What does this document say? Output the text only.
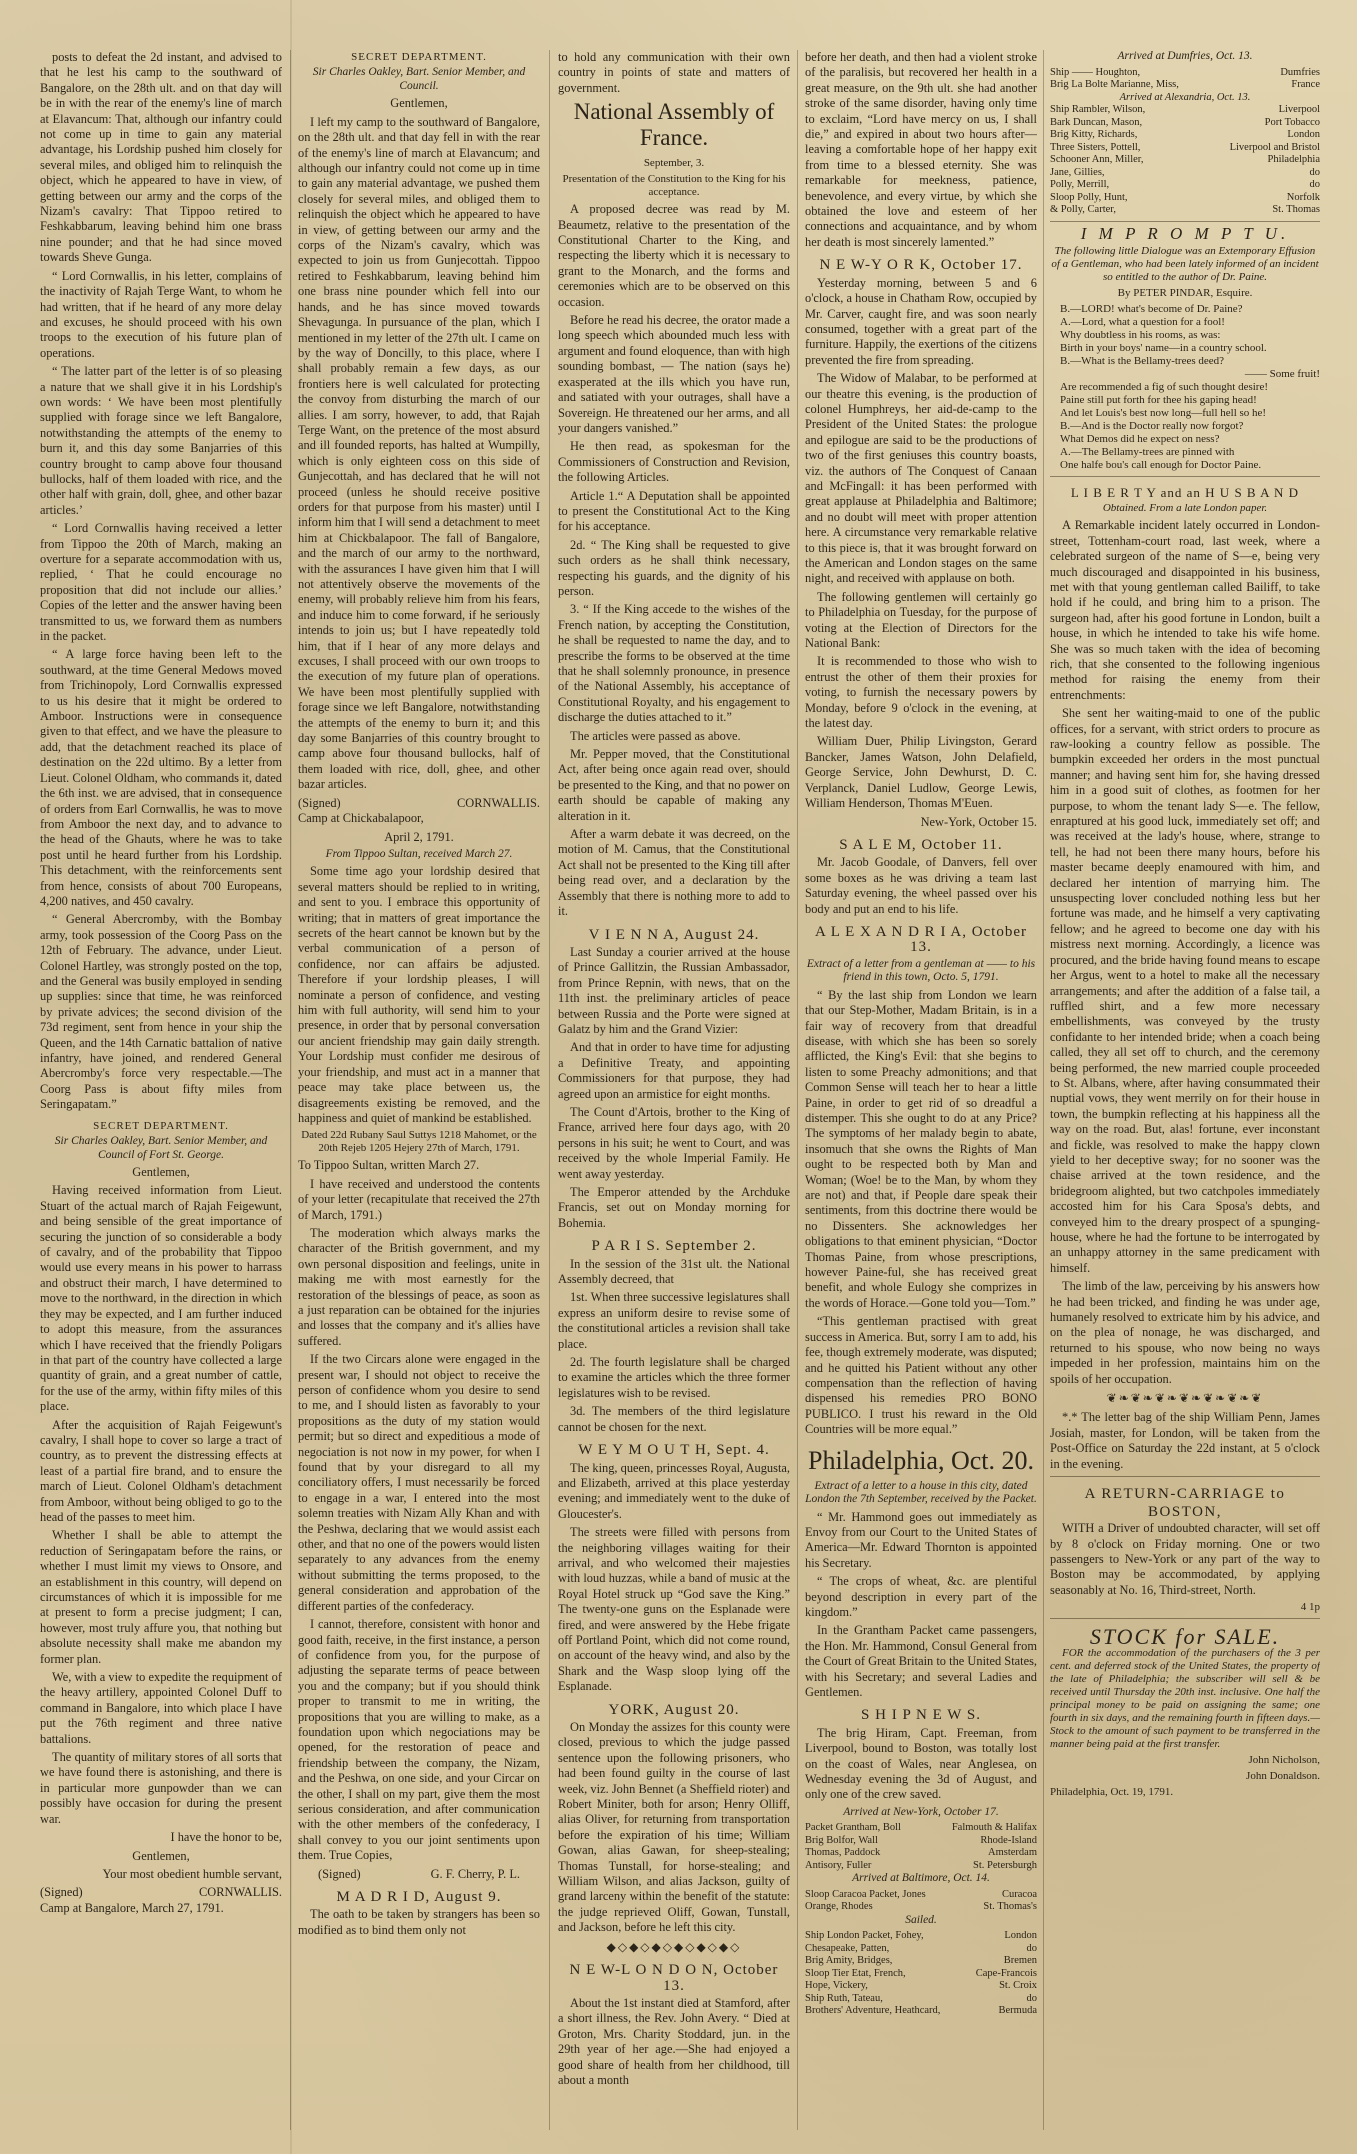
posts to defeat the 2d instant, and advised to that he lest his camp to the southward of Bangalore, on the 28th ult. and on that day will be in with the rear of the enemy's line of march at Elavancum: That, although our infantry could not come up in time to gain any material advantage, his Lordship pushed him closely for several miles, and obliged him to relinquish the object, which he appeared to have in view, of getting between our army and the corps of the Nizam's cavalry: That Tippoo retired to Feshkabbarum, leaving behind him one brass nine pounder; and that he had since moved towards Sheve Gunga.

“ Lord Cornwallis, in his letter, complains of the inactivity of Rajah Terge Want, to whom he had written, that if he heard of any more delay and excuses, he should proceed with his own troops to the execution of his future plan of operations.

“ The latter part of the letter is of so pleasing a nature that we shall give it in his Lordship's own words: ‘ We have been most plentifully supplied with forage since we left Bangalore, notwithstanding the attempts of the enemy to burn it, and this day some Banjarries of this country brought to camp above four thousand bullocks, half of them loaded with rice, and the other half with grain, doll, ghee, and other bazar articles.’

“ Lord Cornwallis having received a letter from Tippoo the 20th of March, making an overture for a separate accommodation with us, replied, ‘ That he could encourage no proposition that did not include our allies.’ Copies of the letter and the answer having been transmitted to us, we forward them as numbers in the packet.

“ A large force having been left to the southward, at the time General Medows moved from Trichinopoly, Lord Cornwallis expressed to us his desire that it might be ordered to Amboor. Instructions were in consequence given to that effect, and we have the pleasure to add, that the detachment reached its place of destination on the 22d ultimo. By a letter from Lieut. Colonel Oldham, who commands it, dated the 6th inst. we are advised, that in consequence of orders from Earl Cornwallis, he was to move from Amboor the next day, and to advance to the head of the Ghauts, where he was to take post until he heard further from his Lordship. This detachment, with the reinforcements sent from hence, consists of about 700 Europeans, 4,200 natives, and 450 cavalry.

“ General Abercromby, with the Bombay army, took possession of the Coorg Pass on the 12th of February. The advance, under Lieut. Colonel Hartley, was strongly posted on the top, and the General was busily employed in sending up supplies: since that time, he was reinforced by private advices; the second division of the 73d regiment, sent from hence in your ship the Queen, and the 14th Carnatic battalion of native infantry, have joined, and rendered General Abercromby's force very respectable.—The Coorg Pass is about fifty miles from Seringapatam.”

SECRET DEPARTMENT.

Sir Charles Oakley, Bart. Senior Member, and Council of Fort St. George.

Gentlemen,

Having received information from Lieut. Stuart of the actual march of Rajah Feigewunt, and being sensible of the great importance of securing the junction of so considerable a body of cavalry, and of the probability that Tippoo would use every means in his power to harrass and obstruct their march, I have determined to move to the northward, in the direction in which they may be expected, and I am further induced to adopt this measure, from the assurances which I have received that the friendly Poligars in that part of the country have collected a large quantity of grain, and a great number of cattle, for the use of the army, within fifty miles of this place.

After the acquisition of Rajah Feigewunt's cavalry, I shall hope to cover so large a tract of country, as to prevent the distressing effects at least of a partial fire brand, and to ensure the march of Lieut. Colonel Oldham's detachment from Amboor, without being obliged to go to the head of the passes to meet him.

Whether I shall be able to attempt the reduction of Seringapatam before the rains, or whether I must limit my views to Onsore, and an establishment in this country, will depend on circumstances of which it is impossible for me at present to form a precise judgment; I can, however, most truly affure you, that nothing but absolute necessity shall make me abandon my former plan.

We, with a view to expedite the requipment of the heavy artillery, appointed Colonel Duff to command in Bangalore, into which place I have put the 76th regiment and three native battalions.

The quantity of military stores of all sorts that we have found there is astonishing, and there is in particular more gunpowder than we can possibly have occasion for during the present war.

I have the honor to be,

Gentlemen,

Your most obedient humble servant,

(Signed)	CORNWALLIS.

Camp at Bangalore, March 27, 1791.

SECRET DEPARTMENT.

Sir Charles Oakley, Bart. Senior Member, and Council.

Gentlemen,

I left my camp to the southward of Bangalore, on the 28th ult. and that day fell in with the rear of the enemy's line of march at Elavancum; and although our infantry could not come up in time to gain any material advantage, we pushed them closely for several miles, and obliged them to relinquish the object which he appeared to have in view, of getting between our army and the corps of the Nizam's cavalry, which was expected to join us from Gunjecottah. Tippoo retired to Feshkabbarum, leaving behind him one brass nine pounder which fell into our hands, and he has since moved towards Shevagunga. In pursuance of the plan, which I mentioned in my letter of the 27th ult. I came on by the way of Doncilly, to this place, where I shall probably remain a few days, as our frontiers here is well calculated for protecting the convoy from disturbing the march of our allies. I am sorry, however, to add, that Rajah Terge Want, on the pretence of the most absurd and ill founded reports, has halted at Wumpilly, which is only eighteen coss on this side of Gunjecottah, and has declared that he will not proceed (unless he should receive positive orders for that purpose from his master) until I inform him that I will send a detachment to meet him at Chickbalapoor. The fall of Bangalore, and the march of our army to the northward, with the assurances I have given him that I will not attentively observe the movements of the enemy, will probably relieve him from his fears, and induce him to come forward, if he seriously intends to join us; but I have repeatedly told him, that if I hear of any more delays and excuses, I shall proceed with our own troops to the execution of my future plan of operations. We have been most plentifully supplied with forage since we left Bangalore, notwithstanding the attempts of the enemy to burn it; and this day some Banjarries of this country brought to camp above four thousand bullocks, half of them loaded with rice, doll, ghee, and other bazar articles.

(Signed)	CORNWALLIS.

Camp at Chickabalapoor,

April 2, 1791.

From Tippoo Sultan, received March 27.

Some time ago your lordship desired that several matters should be replied to in writing, and sent to you. I embrace this opportunity of writing; that in matters of great importance the secrets of the heart cannot be known but by the verbal communication of a person of confidence, nor can affairs be adjusted. Therefore if your lordship pleases, I will nominate a person of confidence, and vesting him with full authority, will send him to your presence, in order that by personal conversation our ancient friendship may gain daily strength. Your Lordship must confider me desirous of your friendship, and must act in a manner that peace may take place between us, the disagreements existing be removed, and the happiness and quiet of mankind be established.

Dated 22d Rubany Saul Suttys 1218 Mahomet, or the 20th Rejeb 1205 Hejery 27th of March, 1791.

To Tippoo Sultan, written March 27.

I have received and understood the contents of your letter (recapitulate that received the 27th of March, 1791.)

The moderation which always marks the character of the British government, and my own personal disposition and feelings, unite in making me with most earnestly for the restoration of the blessings of peace, as soon as a just reparation can be obtained for the injuries and losses that the company and it's allies have suffered.

If the two Circars alone were engaged in the present war, I should not object to receive the person of confidence whom you desire to send to me, and I should listen as favorably to your propositions as the duty of my station would permit; but so direct and expeditious a mode of negociation is not now in my power, for when I found that by your disregard to all my conciliatory offers, I must necessarily be forced to engage in a war, I entered into the most solemn treaties with Nizam Ally Khan and with the Peshwa, declaring that we would assist each other, and that no one of the powers would listen separately to any advances from the enemy without submitting the terms proposed, to the general consideration and approbation of the different parties of the confederacy.

I cannot, therefore, consistent with honor and good faith, receive, in the first instance, a person of confidence from you, for the purpose of adjusting the separate terms of peace between you and the company; but if you should think proper to transmit to me in writing, the propositions that you are willing to make, as a foundation upon which negociations may be opened, for the restoration of peace and friendship between the company, the Nizam, and the Peshwa, on one side, and your Circar on the other, I shall on my part, give them the most serious consideration, and after communication with the other members of the confederacy, I shall convey to you our joint sentiments upon them. True Copies,

(Signed)	G. F. Cherry, P. L.

M A D R I D, August 9.

The oath to be taken by strangers has been so modified as to bind them only not

to hold any communication with their own country in points of state and matters of government.

National Assembly of France.

September, 3.

Presentation of the Constitution to the King for his acceptance.

A proposed decree was read by M. Beaumetz, relative to the presentation of the Constitutional Charter to the King, and respecting the liberty which it is necessary to grant to the Monarch, and the forms and ceremonies which are to be observed on this occasion.

Before he read his decree, the orator made a long speech which abounded much less with argument and found eloquence, than with high sounding bombast, — The nation (says he) exasperated at the ills which you have run, and satiated with your outrages, shall have a Sovereign. He threatened our her arms, and all your dangers vanished.”

He then read, as spokesman for the Commissioners of Construction and Revision, the following Articles.

Article 1.“ A Deputation shall be appointed to present the Constitutional Act to the King for his acceptance.

2d. “ The King shall be requested to give such orders as he shall think necessary, respecting his guards, and the dignity of his person.

3. “ If the King accede to the wishes of the French nation, by accepting the Constitution, he shall be requested to name the day, and to prescribe the forms to be observed at the time that he shall solemnly pronounce, in presence of the National Assembly, his acceptance of Constitutional Royalty, and his engagement to discharge the duties attached to it.”

The articles were passed as above.

Mr. Pepper moved, that the Constitutional Act, after being once again read over, should be presented to the King, and that no power on earth should be capable of making any alteration in it.

After a warm debate it was decreed, on the motion of M. Camus, that the Constitutional Act shall not be presented to the King till after being read over, and a declaration by the Assembly that there is nothing more to add to it.

V I E N N A, August 24.

Last Sunday a courier arrived at the house of Prince Gallitzin, the Russian Ambassador, from Prince Repnin, with news, that on the 11th inst. the preliminary articles of peace between Russia and the Porte were signed at Galatz by him and the Grand Vizier:

And that in order to have time for adjusting a Definitive Treaty, and appointing Commissioners for that purpose, they had agreed upon an armistice for eight months.

The Count d'Artois, brother to the King of France, arrived here four days ago, with 20 persons in his suit; he went to Court, and was received by the whole Imperial Family. He went away yesterday.

The Emperor attended by the Archduke Francis, set out on Monday morning for Bohemia.

P A R I S. September 2.

In the session of the 31st ult. the National Assembly decreed, that

1st. When three successive legislatures shall express an uniform desire to revise some of the constitutional articles a revision shall take place.

2d. The fourth legislature shall be charged to examine the articles which the three former legislatures wish to be revised.

3d. The members of the third legislature cannot be chosen for the next.

W E Y M O U T H, Sept. 4.

The king, queen, princesses Royal, Augusta, and Elizabeth, arrived at this place yesterday evening; and immediately went to the duke of Gloucester's.

The streets were filled with persons from the neighboring villages waiting for their arrival, and who welcomed their majesties with loud huzzas, while a band of music at the Royal Hotel struck up “God save the King.” The twenty-one guns on the Esplanade were fired, and were answered by the Hebe frigate off Portland Point, which did not come round, on account of the heavy wind, and also by the Shark and the Wasp sloop lying off the Esplanade.

YORK, August 20.

On Monday the assizes for this county were closed, previous to which the judge passed sentence upon the following prisoners, who had been found guilty in the course of last week, viz. John Bennet (a Sheffield rioter) and Robert Miniter, both for arson; Henry Olliff, alias Oliver, for returning from transportation before the expiration of his time; William Gowan, alias Gawan, for sheep-stealing; Thomas Tunstall, for horse-stealing; and William Wilson, and alias Jackson, guilty of grand larceny within the benefit of the statute: the judge reprieved Oliff, Gowan, Tunstall, and Jackson, before he left this city.

◆◇◆◇◆◇◆◇◆◇◆◇

N E W-L O N D O N, October 13.

About the 1st instant died at Stamford, after a short illness, the Rev. John Avery. “ Died at Groton, Mrs. Charity Stoddard, jun. in the 29th year of her age.—She had enjoyed a good share of health from her childhood, till about a month

before her death, and then had a violent stroke of the paralisis, but recovered her health in a great measure, on the 9th ult. she had another stroke of the same disorder, having only time to exclaim, “Lord have mercy on us, I shall die,” and expired in about two hours after—leaving a comfortable hope of her happy exit from time to a blessed eternity. She was remarkable for meekness, patience, benevolence, and every virtue, by which she obtained the love and esteem of her connections and acquaintance, and by whom her death is most sincerely lamented.”

N E W-Y O R K, October 17.

Yesterday morning, between 5 and 6 o'clock, a house in Chatham Row, occupied by Mr. Carver, caught fire, and was soon nearly consumed, together with a great part of the furniture. Happily, the exertions of the citizens prevented the fire from spreading.

The Widow of Malabar, to be performed at our theatre this evening, is the production of colonel Humphreys, her aid-de-camp to the President of the United States: the prologue and epilogue are said to be the productions of two of the first geniuses this country boasts, viz. the authors of The Conquest of Canaan and McFingall: it has been performed with great applause at Philadelphia and Baltimore; and no doubt will meet with proper attention here. A circumstance very remarkable relative to this piece is, that it was brought forward on the American and London stages on the same night, and received with applause on both.

The following gentlemen will certainly go to Philadelphia on Tuesday, for the purpose of voting at the Election of Directors for the National Bank:

It is recommended to those who wish to entrust the other of them their proxies for voting, to furnish the necessary powers by Monday, before 9 o'clock in the evening, at the latest day.

William Duer, Philip Livingston, Gerard Bancker, James Watson, John Delafield, George Service, John Dewhurst, D. C. Verplanck, Daniel Ludlow, George Lewis, William Henderson, Thomas M'Euen.

New-York, October 15.

S A L E M, October 11.

Mr. Jacob Goodale, of Danvers, fell over some boxes as he was driving a team last Saturday evening, the wheel passed over his body and put an end to his life.

A L E X A N D R I A, October 13.

Extract of a letter from a gentleman at —— to his friend in this town, Octo. 5, 1791.

“ By the last ship from London we learn that our Step-Mother, Madam Britain, is in a fair way of recovery from that dreadful disease, with which she has been so sorely afflicted, the King's Evil: that she begins to listen to some Preachy admonitions; and that Common Sense will teach her to hear a little Paine, in order to get rid of so dreadful a distemper. This she ought to do at any Price? The symptoms of her malady begin to abate, insomuch that she owns the Rights of Man ought to be respected both by Man and Woman; (Woe! be to the Man, by whom they are not) and that, if People dare speak their sentiments, from this doctrine there would be no Dissenters. She acknowledges her obligations to that eminent physician, “Doctor Thomas Paine, from whose prescriptions, however Paine-ful, she has received great benefit, and whole Eulogy she comprizes in the words of Horace.—Gone told you—Tom.”

“This gentleman practised with great success in America. But, sorry I am to add, his fee, though extremely moderate, was disputed; and he quitted his Patient without any other compensation than the reflection of having dispensed his remedies PRO BONO PUBLICO. I trust his reward in the Old Countries will be more equal.”

Philadelphia, Oct. 20.

Extract of a letter to a house in this city, dated London the 7th September, received by the Packet.

“ Mr. Hammond goes out immediately as Envoy from our Court to the United States of America—Mr. Edward Thornton is appointed his Secretary.

“ The crops of wheat, &c. are plentiful beyond description in every part of the kingdom.”

In the Grantham Packet came passengers, the Hon. Mr. Hammond, Consul General from the Court of Great Britain to the United States, with his Secretary; and several Ladies and Gentlemen.

S H I P N E W S.

The brig Hiram, Capt. Freeman, from Liverpool, bound to Boston, was totally lost on the coast of Wales, near Anglesea, on Wednesday evening the 3d of August, and only one of the crew saved.

Arrived at New-York, October 17.

Packet Grantham, Boll	Falmouth & Halifax
Brig Bolfor, Wall	Rhode-Island
Thomas, Paddock	Amsterdam
Antisory, Fuller	St. Petersburgh

Arrived at Baltimore, Oct. 14.

Sloop Caracoa Packet, Jones	Curacoa
Orange, Rhodes	St. Thomas's

Sailed.

Ship London Packet, Fohey,	London
Chesapeake, Patten,	do
Brig Amity, Bridges,	Bremen
Sloop Tier Etat, French,	Cape-Francois
Hope, Vickery,	St. Croix
Ship Ruth, Tateau,	do
Brothers' Adventure, Heathcard,	Bermuda

Arrived at Dumfries, Oct. 13.

Ship —— Houghton,	Dumfries
Brig La Bolte Marianne, Miss,	France
Arrived at Alexandria, Oct. 13.	
Ship Rambler, Wilson,	Liverpool
Bark Duncan, Mason,	Port Tobacco
Brig Kitty, Richards,	London
Three Sisters, Pottell,	Liverpool and Bristol
Schooner Ann, Miller,	Philadelphia
Jane, Gillies,	do
Polly, Merrill,	do
Sloop Polly, Hunt,	Norfolk
& Polly, Carter,	St. Thomas

I M P R O M P T U.

The following little Dialogue was an Extemporary Effusion of a Gentleman, who had been lately informed of an incident so entitled to the author of Dr. Paine.

By PETER PINDAR, Esquire.

B.—LORD! what's become of Dr. Paine?
A.—Lord, what a question for a fool!
Why doubtless in his rooms, as was:
Birth in your boys' name—in a country school.
B.—What is the Bellamy-trees deed?
—— Some fruit!
Are recommended a fig of such thought desire!
Paine still put forth for thee his gaping head!
And let Louis's best now long—full hell so he!
B.—And is the Doctor really now forgot?
What Demos did he expect on ness?
A.—The Bellamy-trees are pinned with
One halfe bou's call enough for Doctor Paine.

L I B E R T Y and an H U S B A N D

Obtained. From a late London paper.

A Remarkable incident lately occurred in London-street, Tottenham-court road, last week, where a celebrated surgeon of the name of S—e, being very much discouraged and disappointed in his business, met with that young gentleman called Bailiff, to take hold if he could, and bring him to a prison. The surgeon had, after his good fortune in London, built a house, in which he intended to take his wife home. She was so much taken with the idea of becoming rich, that she consented to the following ingenious method for raising the enemy from their entrenchments:

She sent her waiting-maid to one of the public offices, for a servant, with strict orders to procure as raw-looking a country fellow as possible. The bumpkin exceeded her orders in the most punctual manner; and having sent him for, she having dressed him in a good suit of clothes, as footmen for her purpose, to whom the tenant lady S—e. The fellow, enraptured at his good luck, immediately set off; and was received at the lady's house, where, strange to tell, he had not been there many hours, before his master became deeply enamoured with him, and declared her intention of marrying him. The unsuspecting lover concluded nothing less but her fortune was made, and he himself a very captivating fellow; and he agreed to become one day with his mistress next morning. Accordingly, a licence was procured, and the bride having found means to escape her Argus, went to a hotel to make all the necessary arrangements; and after the addition of a false tail, a ruffled shirt, and a few more necessary embellishments, was conveyed by the trusty confidante to her intended bride; when a coach being called, they all set off to church, and the ceremony being performed, the new married couple proceeded to St. Albans, where, after having consummated their nuptial vows, they went merrily on for their house in town, the bumpkin reflecting at his happiness all the way on the road. But, alas! fortune, ever inconstant and fickle, was resolved to make the happy clown yield to her deceptive sway; for no sooner was the chaise arrived at the town residence, and the bridegroom alighted, but two catchpoles immediately accosted him for his Cara Sposa's debts, and conveyed him to the dreary prospect of a spunging-house, where he had the fortune to be interrogated by an unhappy attorney in the same predicament with himself.

The limb of the law, perceiving by his answers how he had been tricked, and finding he was under age, humanely resolved to extricate him by his advice, and on the plea of nonage, he was discharged, and returned to his spouse, who now being no ways impeded in her profession, maintains him on the spoils of her occupation.

❦❧❦❧❦❧❦❧❦❧❦❧❦

*.* The letter bag of the ship William Penn, James Josiah, master, for London, will be taken from the Post-Office on Saturday the 22d instant, at 5 o'clock in the evening.

A RETURN-CARRIAGE to BOSTON,

WITH a Driver of undoubted character, will set off by 8 o'clock on Friday morning. One or two passengers to New-York or any part of the way to Boston may be accommodated, by applying seasonably at No. 16, Third-street, North.

4 1p

STOCK for SALE.

FOR the accommodation of the purchasers of the 3 per cent. and deferred stock of the United States, the property of the late of Philadelphia; the subscriber will sell & be received until Thursday the 20th inst. inclusive. One half the principal money to be paid on assigning the same; one fourth in six days, and the remaining fourth in fifteen days.—Stock to the amount of such payment to be transferred in the manner being paid at the first transfer.

John Nicholson,

John Donaldson.

Philadelphia, Oct. 19, 1791.
